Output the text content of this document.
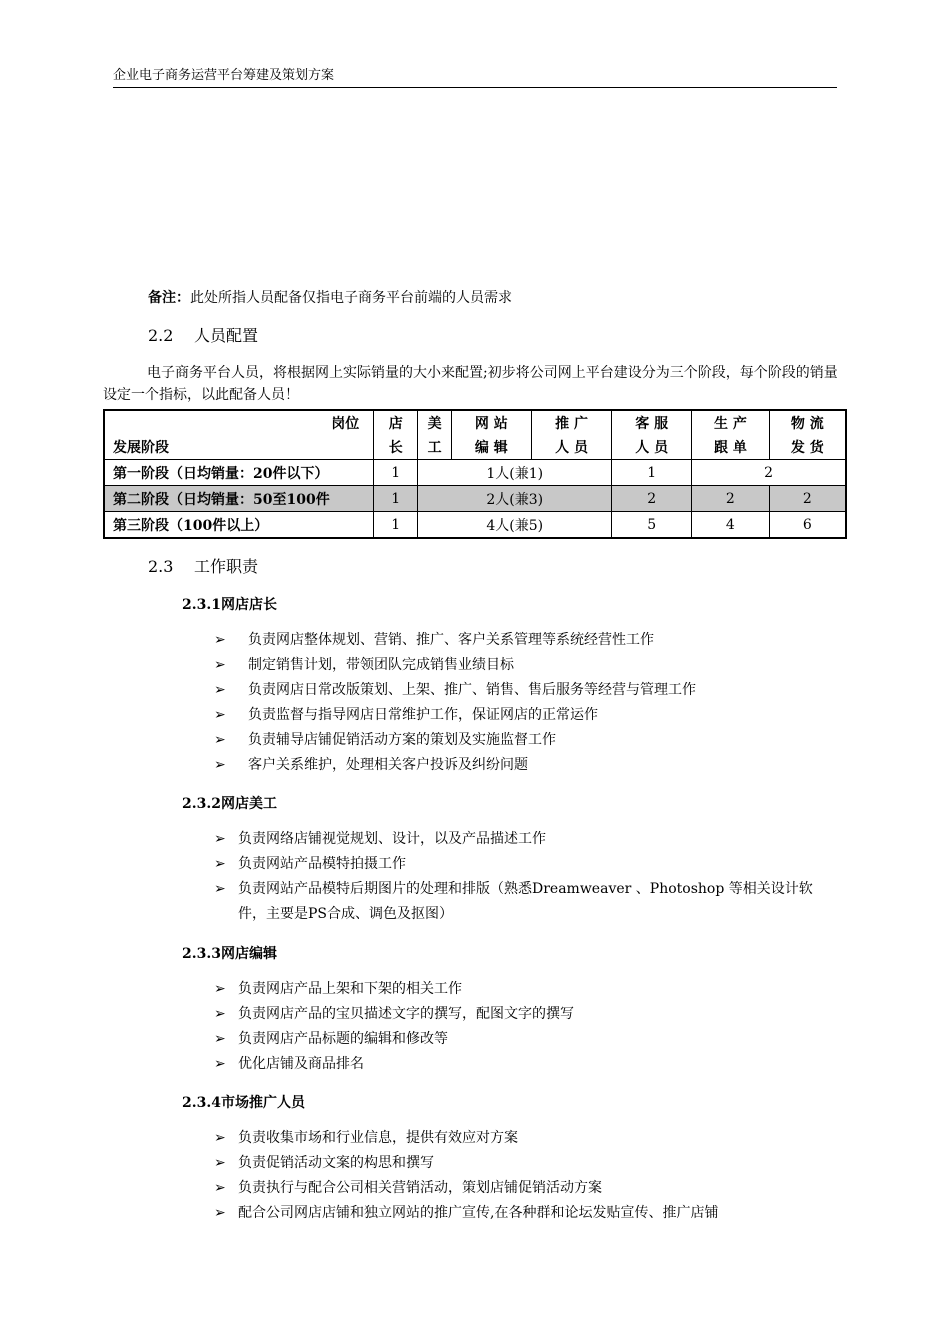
企业电子商务运营平台筹建及策划方案
备注：此处所指人员配备仅指电子商务平台前端的人员需求
2.2 人员配置
电子商务平台人员，将根据网上实际销量的大小来配置;初步将公司网上平台建设分为三个阶段，每个阶段的销量设定一个指标，以此配备人员！
岗位	店	美	网 站	推 广	客 服	生 产	物 流
发展阶段	长	工	编 辑	人 员	人 员	跟 单	发 货
第一阶段（日均销量：20件以下）	1	1人(兼1)			1	2	
第二阶段（日均销量：50至100件	1	2人(兼3)			2	2	2
第三阶段（100件以上）	1	4人(兼5)			5	4	6
2.3 工作职责
2.3.1网店店长
➢	负责网店整体规划、营销、推广、客户关系管理等系统经营性工作
➢	制定销售计划，带领团队完成销售业绩目标
➢	负责网店日常改版策划、上架、推广、销售、售后服务等经营与管理工作
➢	负责监督与指导网店日常维护工作，保证网店的正常运作
➢	负责辅导店铺促销活动方案的策划及实施监督工作
➢	客户关系维护，处理相关客户投诉及纠纷问题
2.3.2网店美工
➢ 负责网络店铺视觉规划、设计，以及产品描述工作
➢ 负责网站产品模特拍摄工作
➢ 负责网站产品模特后期图片的处理和排版（熟悉Dreamweaver 、Photoshop 等相关设计软件，主要是PS合成、调色及抠图）
2.3.3网店编辑
➢ 负责网店产品上架和下架的相关工作
➢ 负责网店产品的宝贝描述文字的撰写，配图文字的撰写
➢ 负责网店产品标题的编辑和修改等
➢ 优化店铺及商品排名
2.3.4市场推广人员
➢ 负责收集市场和行业信息，提供有效应对方案
➢ 负责促销活动文案的构思和撰写
➢ 负责执行与配合公司相关营销活动，策划店铺促销活动方案
➢ 配合公司网店店铺和独立网站的推广宣传,在各种群和论坛发贴宣传、推广店铺
